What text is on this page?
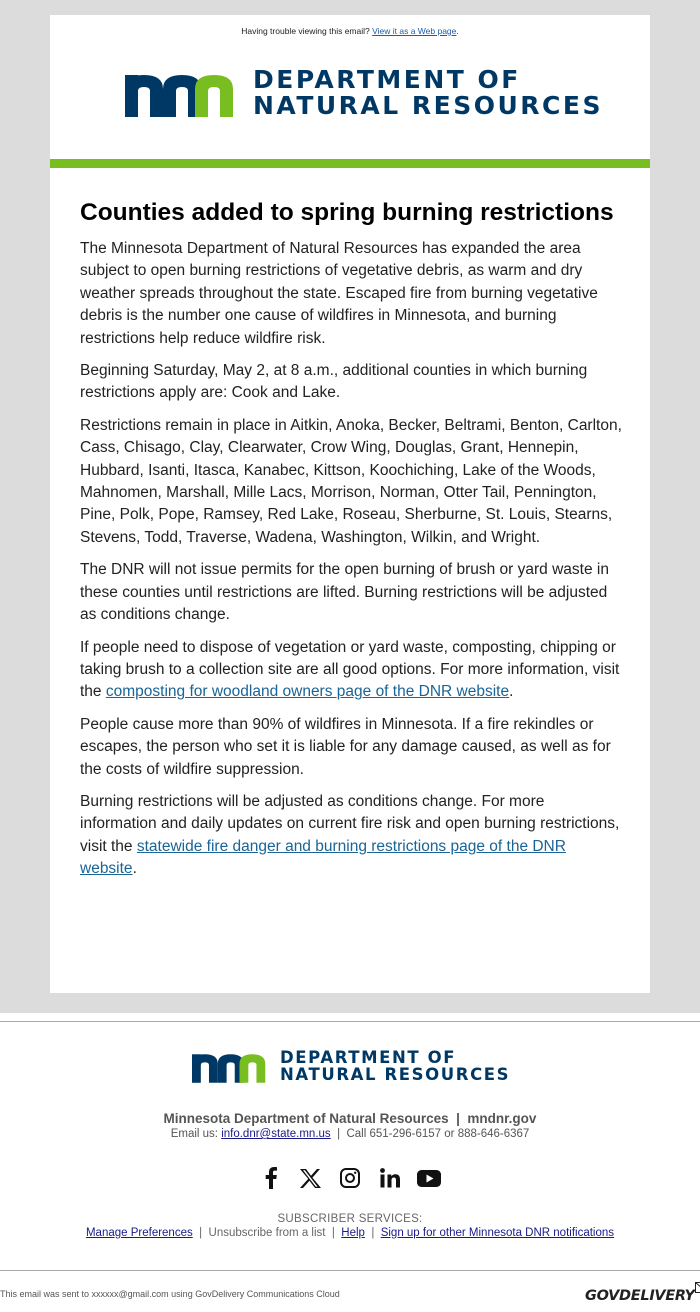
Having trouble viewing this email? View it as a Web page.
DEPARTMENT OF
NATURAL RESOURCES
Counties added to spring burning restrictions

The Minnesota Department of Natural Resources has expanded the area subject to open burning restrictions of vegetative debris, as warm and dry weather spreads throughout the state. Escaped fire from burning vegetative debris is the number one cause of wildfires in Minnesota, and burning restrictions help reduce wildfire risk.

Beginning Saturday, May 2, at 8 a.m., additional counties in which burning restrictions apply are: Cook and Lake.

Restrictions remain in place in Aitkin, Anoka, Becker, Beltrami, Benton, Carlton, Cass, Chisago, Clay, Clearwater, Crow Wing, Douglas, Grant, Hennepin, Hubbard, Isanti, Itasca, Kanabec, Kittson, Koochiching, Lake of the Woods, Mahnomen, Marshall, Mille Lacs, Morrison, Norman, Otter Tail, Pennington, Pine, Polk, Pope, Ramsey, Red Lake, Roseau, Sherburne, St. Louis, Stearns, Stevens, Todd, Traverse, Wadena, Washington, Wilkin, and Wright.

The DNR will not issue permits for the open burning of brush or yard waste in these counties until restrictions are lifted. Burning restrictions will be adjusted as conditions change.

If people need to dispose of vegetation or yard waste, composting, chipping or taking brush to a collection site are all good options. For more information, visit the composting for woodland owners page of the DNR website.

People cause more than 90% of wildfires in Minnesota. If a fire rekindles or escapes, the person who set it is liable for any damage caused, as well as for the costs of wildfire suppression.

Burning restrictions will be adjusted as conditions change. For more information and daily updates on current fire risk and open burning restrictions, visit the statewide fire danger and burning restrictions page of the DNR website.

DEPARTMENT OF
NATURAL RESOURCES
Minnesota Department of Natural Resources | mndnr.gov
Email us: info.dnr@state.mn.us | Call 651-296-6157 or 888-646-6367
SUBSCRIBER SERVICES:
Manage Preferences | Unsubscribe from a list | Help | Sign up for other Minnesota DNR notifications
This email was sent to xxxxxx@gmail.com using GovDelivery Communications Cloud	GOVDELIVERY
